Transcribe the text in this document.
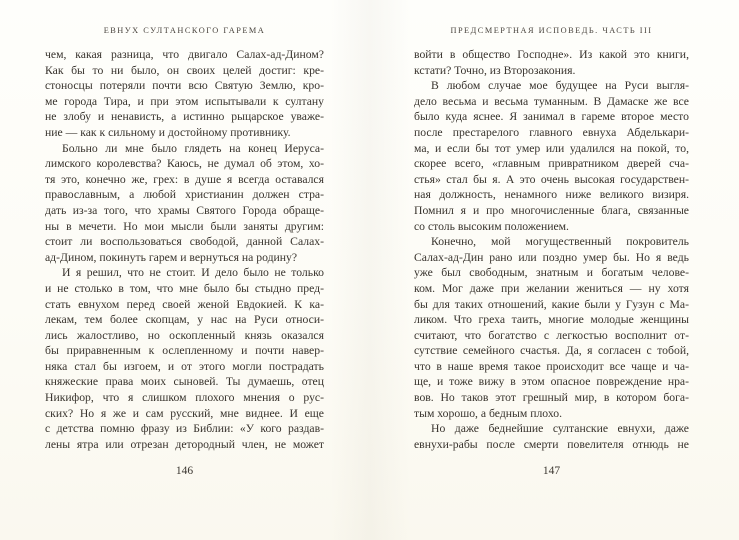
ЕВНУХ СУЛТАНСКОГО ГАРЕМА
чем, какая разница, что двигало Салах-ад-Дином?
Как бы то ни было, он своих целей достиг: кре-
стоносцы потеряли почти всю Святую Землю, кро-
ме города Тира, и при этом испытывали к султану
не злобу и ненависть, а истинно рыцарское уваже-
ние — как к сильному и достойному противнику.
Больно ли мне было глядеть на конец Иеруса-
лимского королевства? Каюсь, не думал об этом, хо-
тя это, конечно же, грех: в душе я всегда оставался
православным, а любой христианин должен стра-
дать из-за того, что храмы Святого Города обраще-
ны в мечети. Но мои мысли были заняты другим:
стоит ли воспользоваться свободой, данной Салах-
ад-Дином, покинуть гарем и вернуться на родину?
И я решил, что не стоит. И дело было не только
и не столько в том, что мне было бы стыдно пред-
стать евнухом перед своей женой Евдокией. К ка-
лекам, тем более скопцам, у нас на Руси относи-
лись жалостливо, но оскопленный князь оказался
бы приравненным к ослепленному и почти навер-
няка стал бы изгоем, и от этого могли пострадать
княжеские права моих сыновей. Ты думаешь, отец
Никифор, что я слишком плохого мнения о рус-
ских? Но я же и сам русский, мне виднее. И еще
с детства помню фразу из Библии: «У кого раздав-
лены ятра или отрезан детородный член, не может
146
ПРЕДСМЕРТНАЯ ИСПОВЕДЬ. ЧАСТЬ III
войти в общество Господне». Из какой это книги,
кстати? Точно, из Второзакония.
В любом случае мое будущее на Руси выгля-
дело весьма и весьма туманным. В Дамаске же все
было куда яснее. Я занимал в гареме второе место
после престарелого главного евнуха Абделькари-
ма, и если бы тот умер или удалился на покой, то,
скорее всего, «главным привратником дверей сча-
стья» стал бы я. А это очень высокая государствен-
ная должность, ненамного ниже великого визиря.
Помнил я и про многочисленные блага, связанные
со столь высоким положением.
Конечно, мой могущественный покровитель
Салах-ад-Дин рано или поздно умер бы. Но я ведь
уже был свободным, знатным и богатым челове-
ком. Мог даже при желании жениться — ну хотя
бы для таких отношений, какие были у Гузун с Ма-
ликом. Что греха таить, многие молодые женщины
считают, что богатство с легкостью восполнит от-
сутствие семейного счастья. Да, я согласен с тобой,
что в наше время такое происходит все чаще и ча-
ще, и тоже вижу в этом опасное повреждение нра-
вов. Но таков этот грешный мир, в котором бога-
тым хорошо, а бедным плохо.
Но даже беднейшие султанские евнухи, даже
евнухи-рабы после смерти повелителя отнюдь не
147
